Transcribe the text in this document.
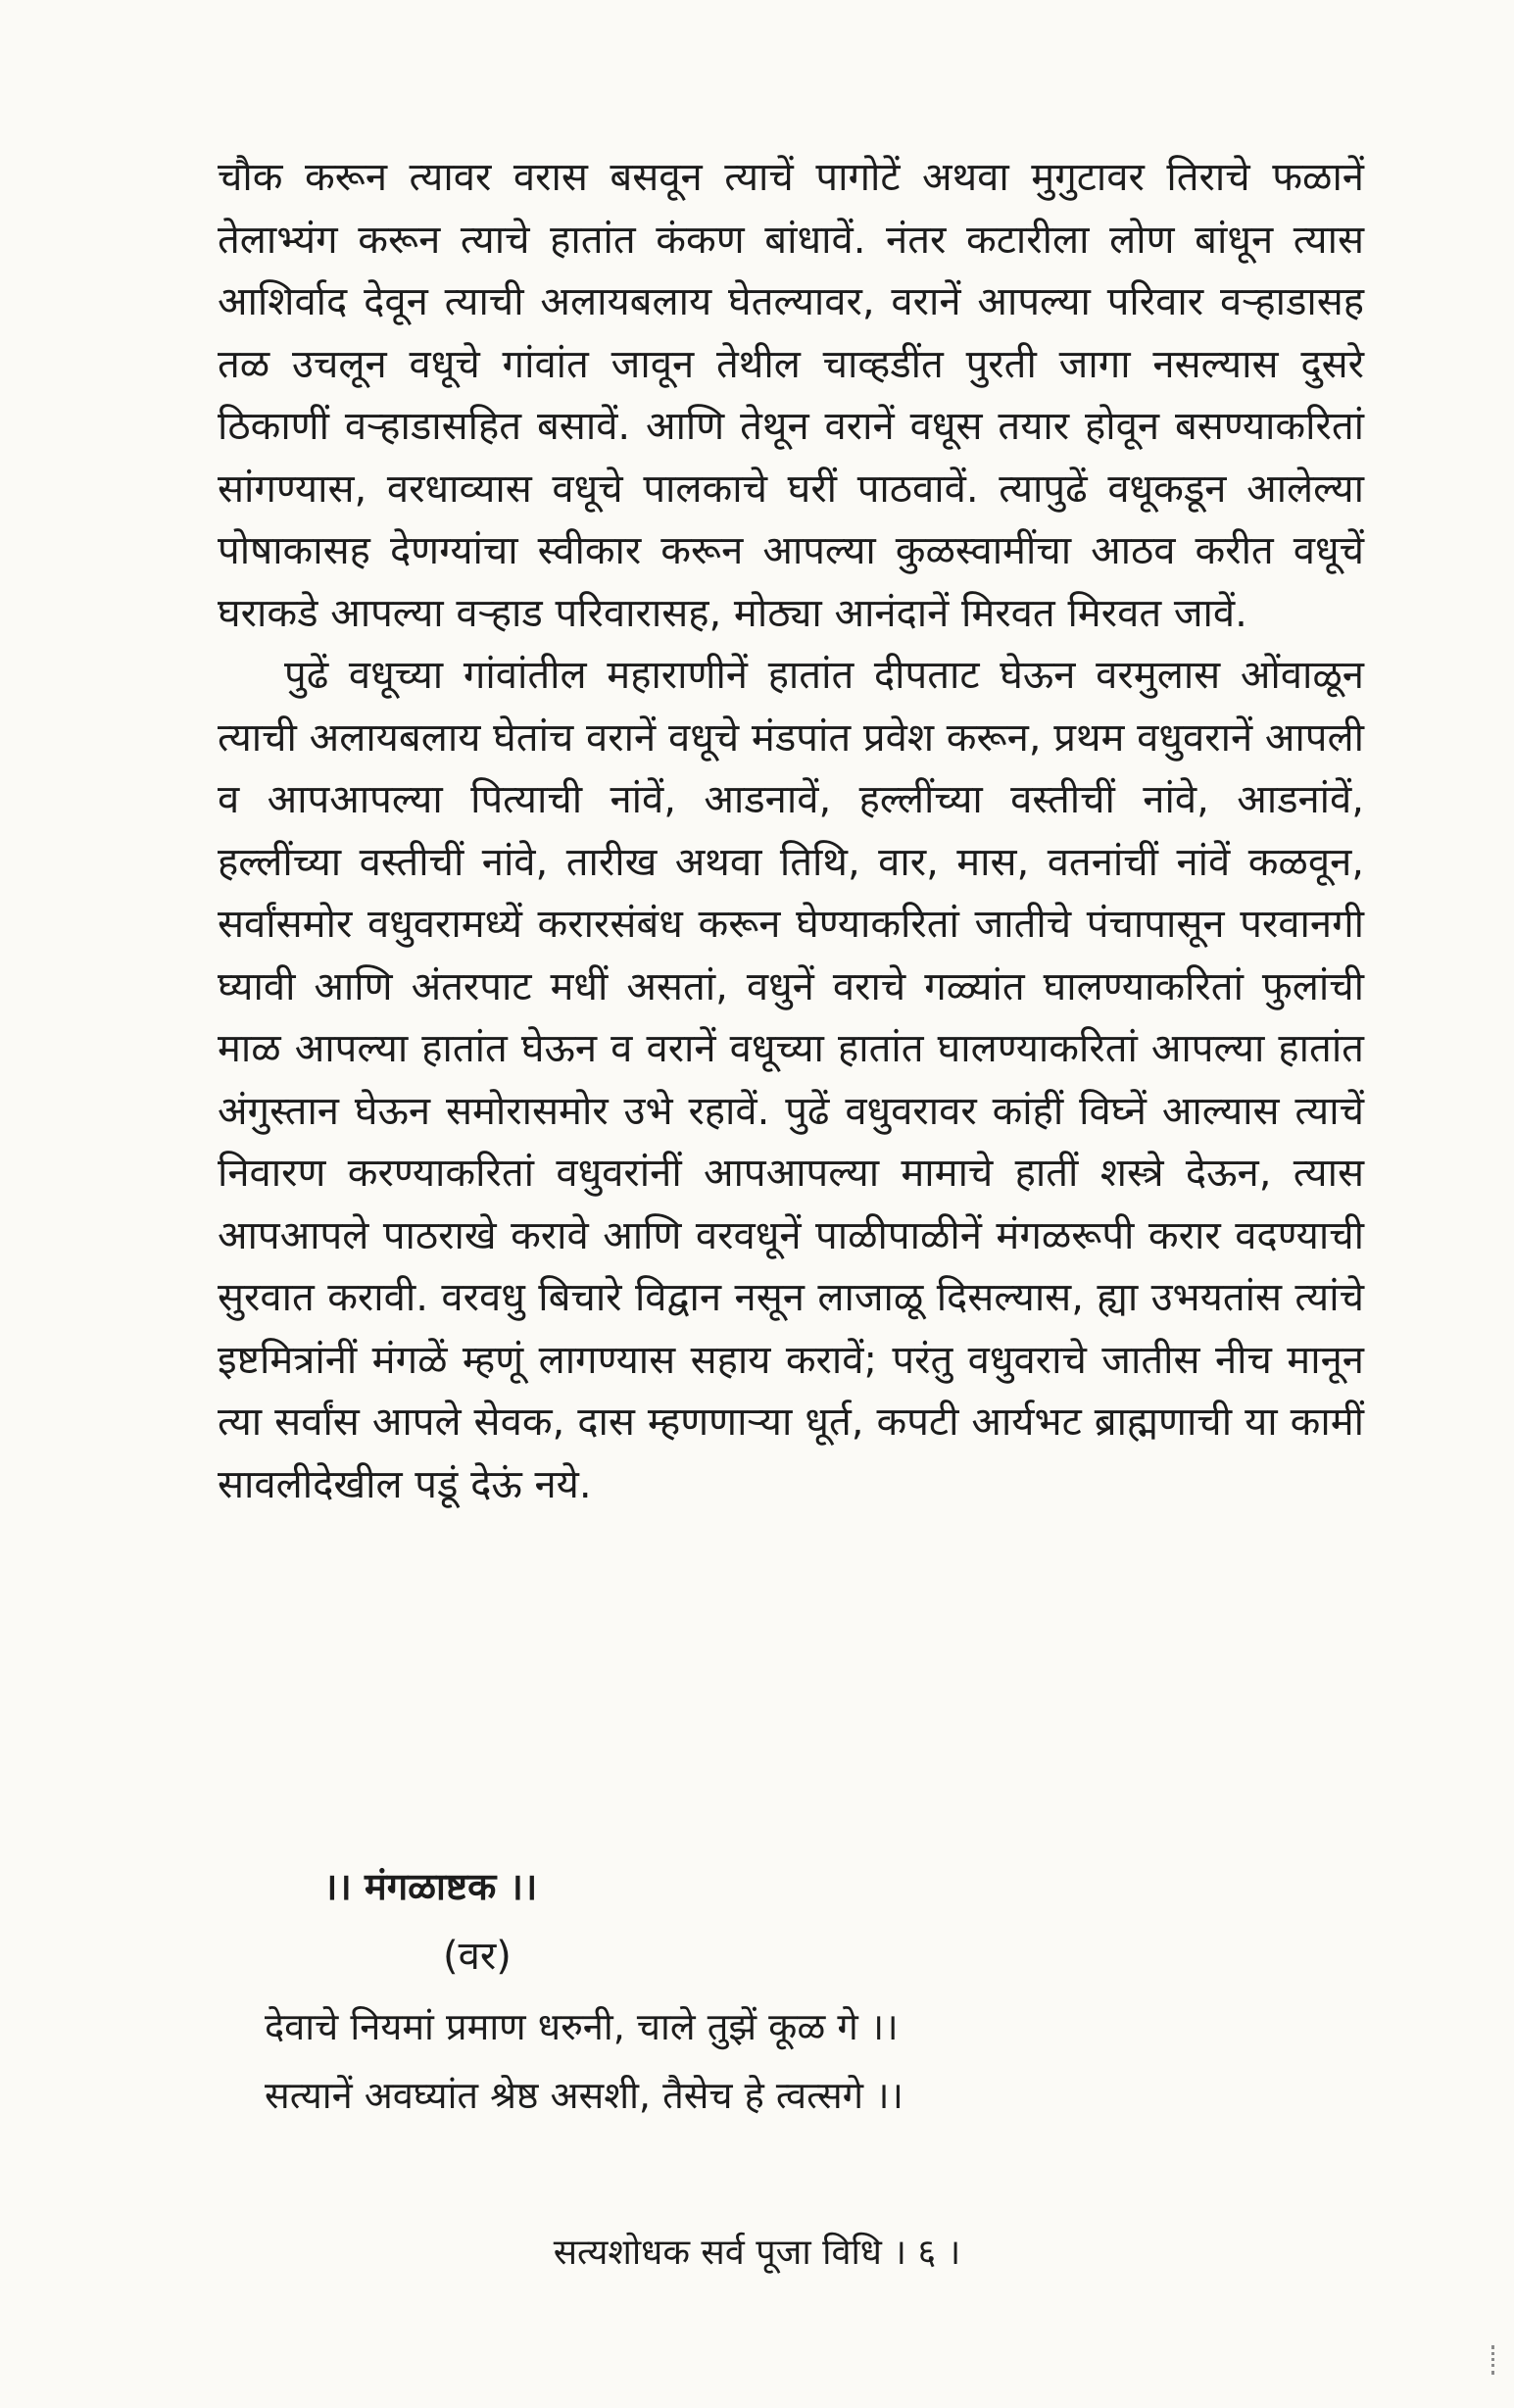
चौक करून त्यावर वरास बसवून त्याचें पागोटें अथवा मुगुटावर तिराचे फळानें तेलाभ्यंग करून त्याचे हातांत कंकण बांधावें. नंतर कटारीला लोण बांधून त्यास आशिर्वाद देवून त्याची अलायबलाय घेतल्यावर, वरानें आपल्या परिवार वऱ्हाडासह तळ उचलून वधूचे गांवांत जावून तेथील चाव्हडींत पुरती जागा नसल्यास दुसरे ठिकाणीं वऱ्हाडासहित बसावें. आणि तेथून वरानें वधूस तयार होवून बसण्याकरितां सांगण्यास, वरधाव्यास वधूचे पालकाचे घरीं पाठवावें. त्यापुढें वधूकडून आलेल्या पोषाकासह देणग्यांचा स्वीकार करून आपल्या कुळस्वामींचा आठव करीत वधूचें घराकडे आपल्या वऱ्हाड परिवारासह, मोठ्या आनंदानें मिरवत मिरवत जावें.

पुढें वधूच्या गांवांतील महाराणीनें हातांत दीपताट घेऊन वरमुलास ओंवाळून त्याची अलायबलाय घेतांच वरानें वधूचे मंडपांत प्रवेश करून, प्रथम वधुवरानें आपली व आपआपल्या पित्याची नांवें, आडनावें, हल्लींच्या वस्तीचीं नांवे, आडनांवें, हल्लींच्या वस्तीचीं नांवे, तारीख अथवा तिथि, वार, मास, वतनांचीं नांवें कळवून, सर्वांसमोर वधुवरामध्यें करारसंबंध करून घेण्याकरितां जातीचे पंचापासून परवानगी घ्यावी आणि अंतरपाट मधीं असतां, वधुनें वराचे गळ्यांत घालण्याकरितां फुलांची माळ आपल्या हातांत घेऊन व वरानें वधूच्या हातांत घालण्याकरितां आपल्या हातांत अंगुस्तान घेऊन समोरासमोर उभे रहावें. पुढें वधुवरावर कांहीं विघ्नें आल्यास त्याचें निवारण करण्याकरितां वधुवरांनीं आपआपल्या मामाचे हातीं शस्त्रे देऊन, त्यास आपआपले पाठराखे करावे आणि वरवधूनें पाळीपाळीनें मंगळरूपी करार वदण्याची सुरवात करावी. वरवधु बिचारे विद्वान नसून लाजाळू दिसल्यास, ह्या उभयतांस त्यांचे इष्टमित्रांनीं मंगळें म्हणूं लागण्यास सहाय करावें; परंतु वधुवराचे जातीस नीच मानून त्या सर्वांस आपले सेवक, दास म्हणणाऱ्या धूर्त, कपटी आर्यभट ब्राह्मणाची या कामीं सावलीदेखील पडूं देऊं नये.

।। मंगळाष्टक ।।
(वर)
देवाचे नियमां प्रमाण धरुनी, चाले तुझें कूळ गे ।।
सत्यानें अवघ्यांत श्रेष्ठ असशी, तैसेच हे त्वत्सगे ।।
सत्यशोधक सर्व पूजा विधि । ६ ।
